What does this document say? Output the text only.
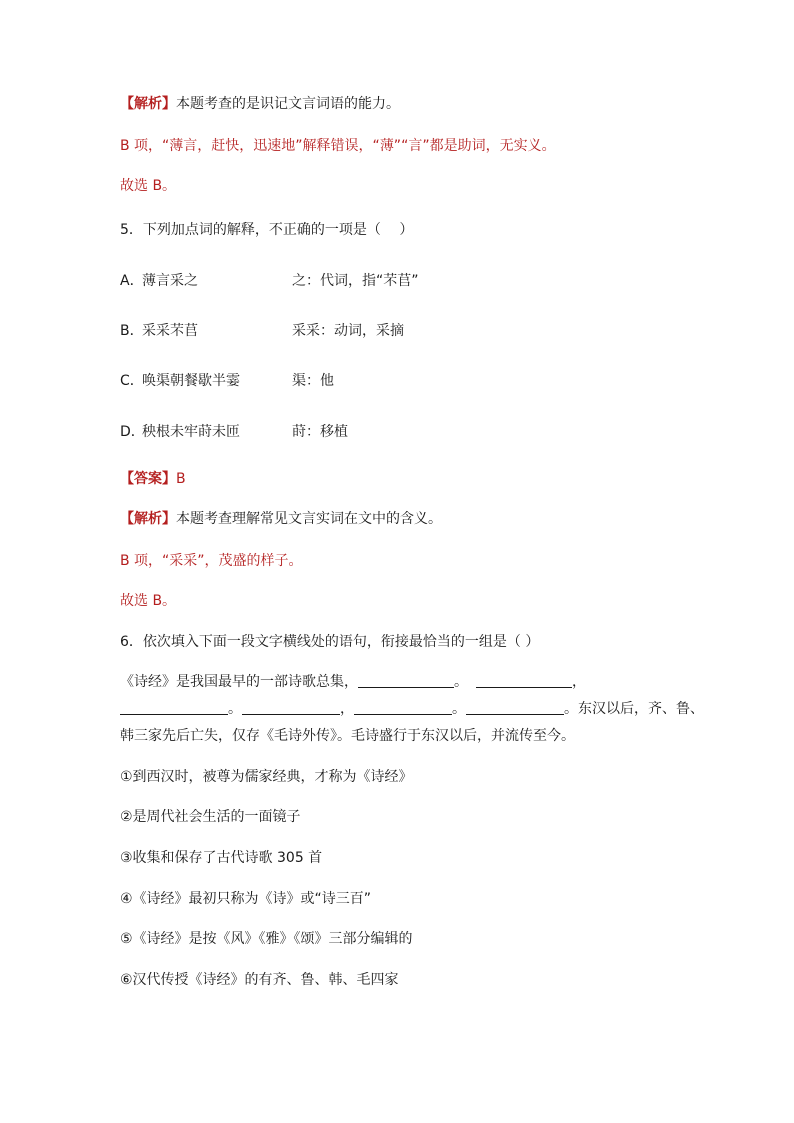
【解析】本题考查的是识记文言词语的能力。
B 项，“薄言，赶快，迅速地”解释错误，“薄”“言”都是助词，无实义。
故选 B。
5．下列加点词的解释，不正确的一项是（　 ）
A．
薄言采之	之：代词，指“芣苢”
B．
采采芣苢	采采：动词，采摘
C．
唤渠朝餐歇半霎	渠：他
D．
秧根未牢莳未匝	莳：移植
【答案】B
【解析】本题考查理解常见文言实词在文中的含义。
B 项，“采采”，茂盛的样子。
故选 B。
6．依次填入下面一段文字横线处的语句，衔接最恰当的一组是（ ）
《诗经》是我国最早的一部诗歌总集，	。	，
。	，	。	。东汉以后，齐、鲁、
韩三家先后亡失，仅存《毛诗外传》。毛诗盛行于东汉以后，并流传至今。
①到西汉时，被尊为儒家经典，才称为《诗经》
②是周代社会生活的一面镜子
③收集和保存了古代诗歌 305 首
④《诗经》最初只称为《诗》或“诗三百”
⑤《诗经》是按《风》《雅》《颂》三部分编辑的
⑥汉代传授《诗经》的有齐、鲁、韩、毛四家
